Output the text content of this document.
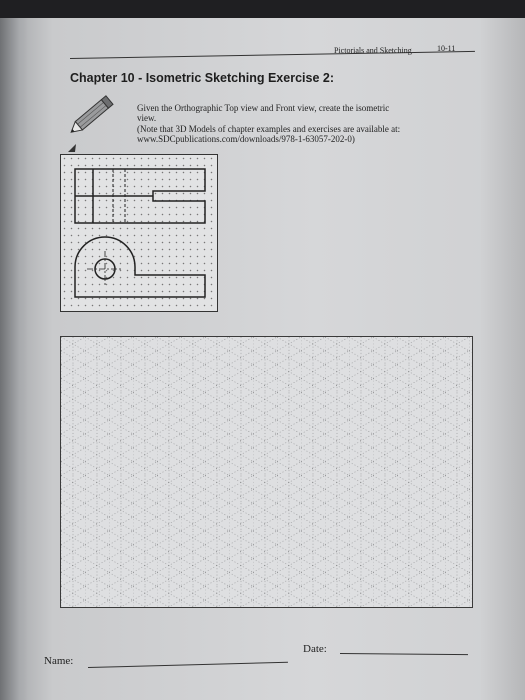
Pictorials and Sketching	10-11
Chapter 10 - Isometric Sketching Exercise 2:
Given the Orthographic Top view and Front view, create the isometric
view.
(Note that 3D Models of chapter examples and exercises are available at:
www.SDCpublications.com/downloads/978-1-63057-202-0)
Name:
Date:
